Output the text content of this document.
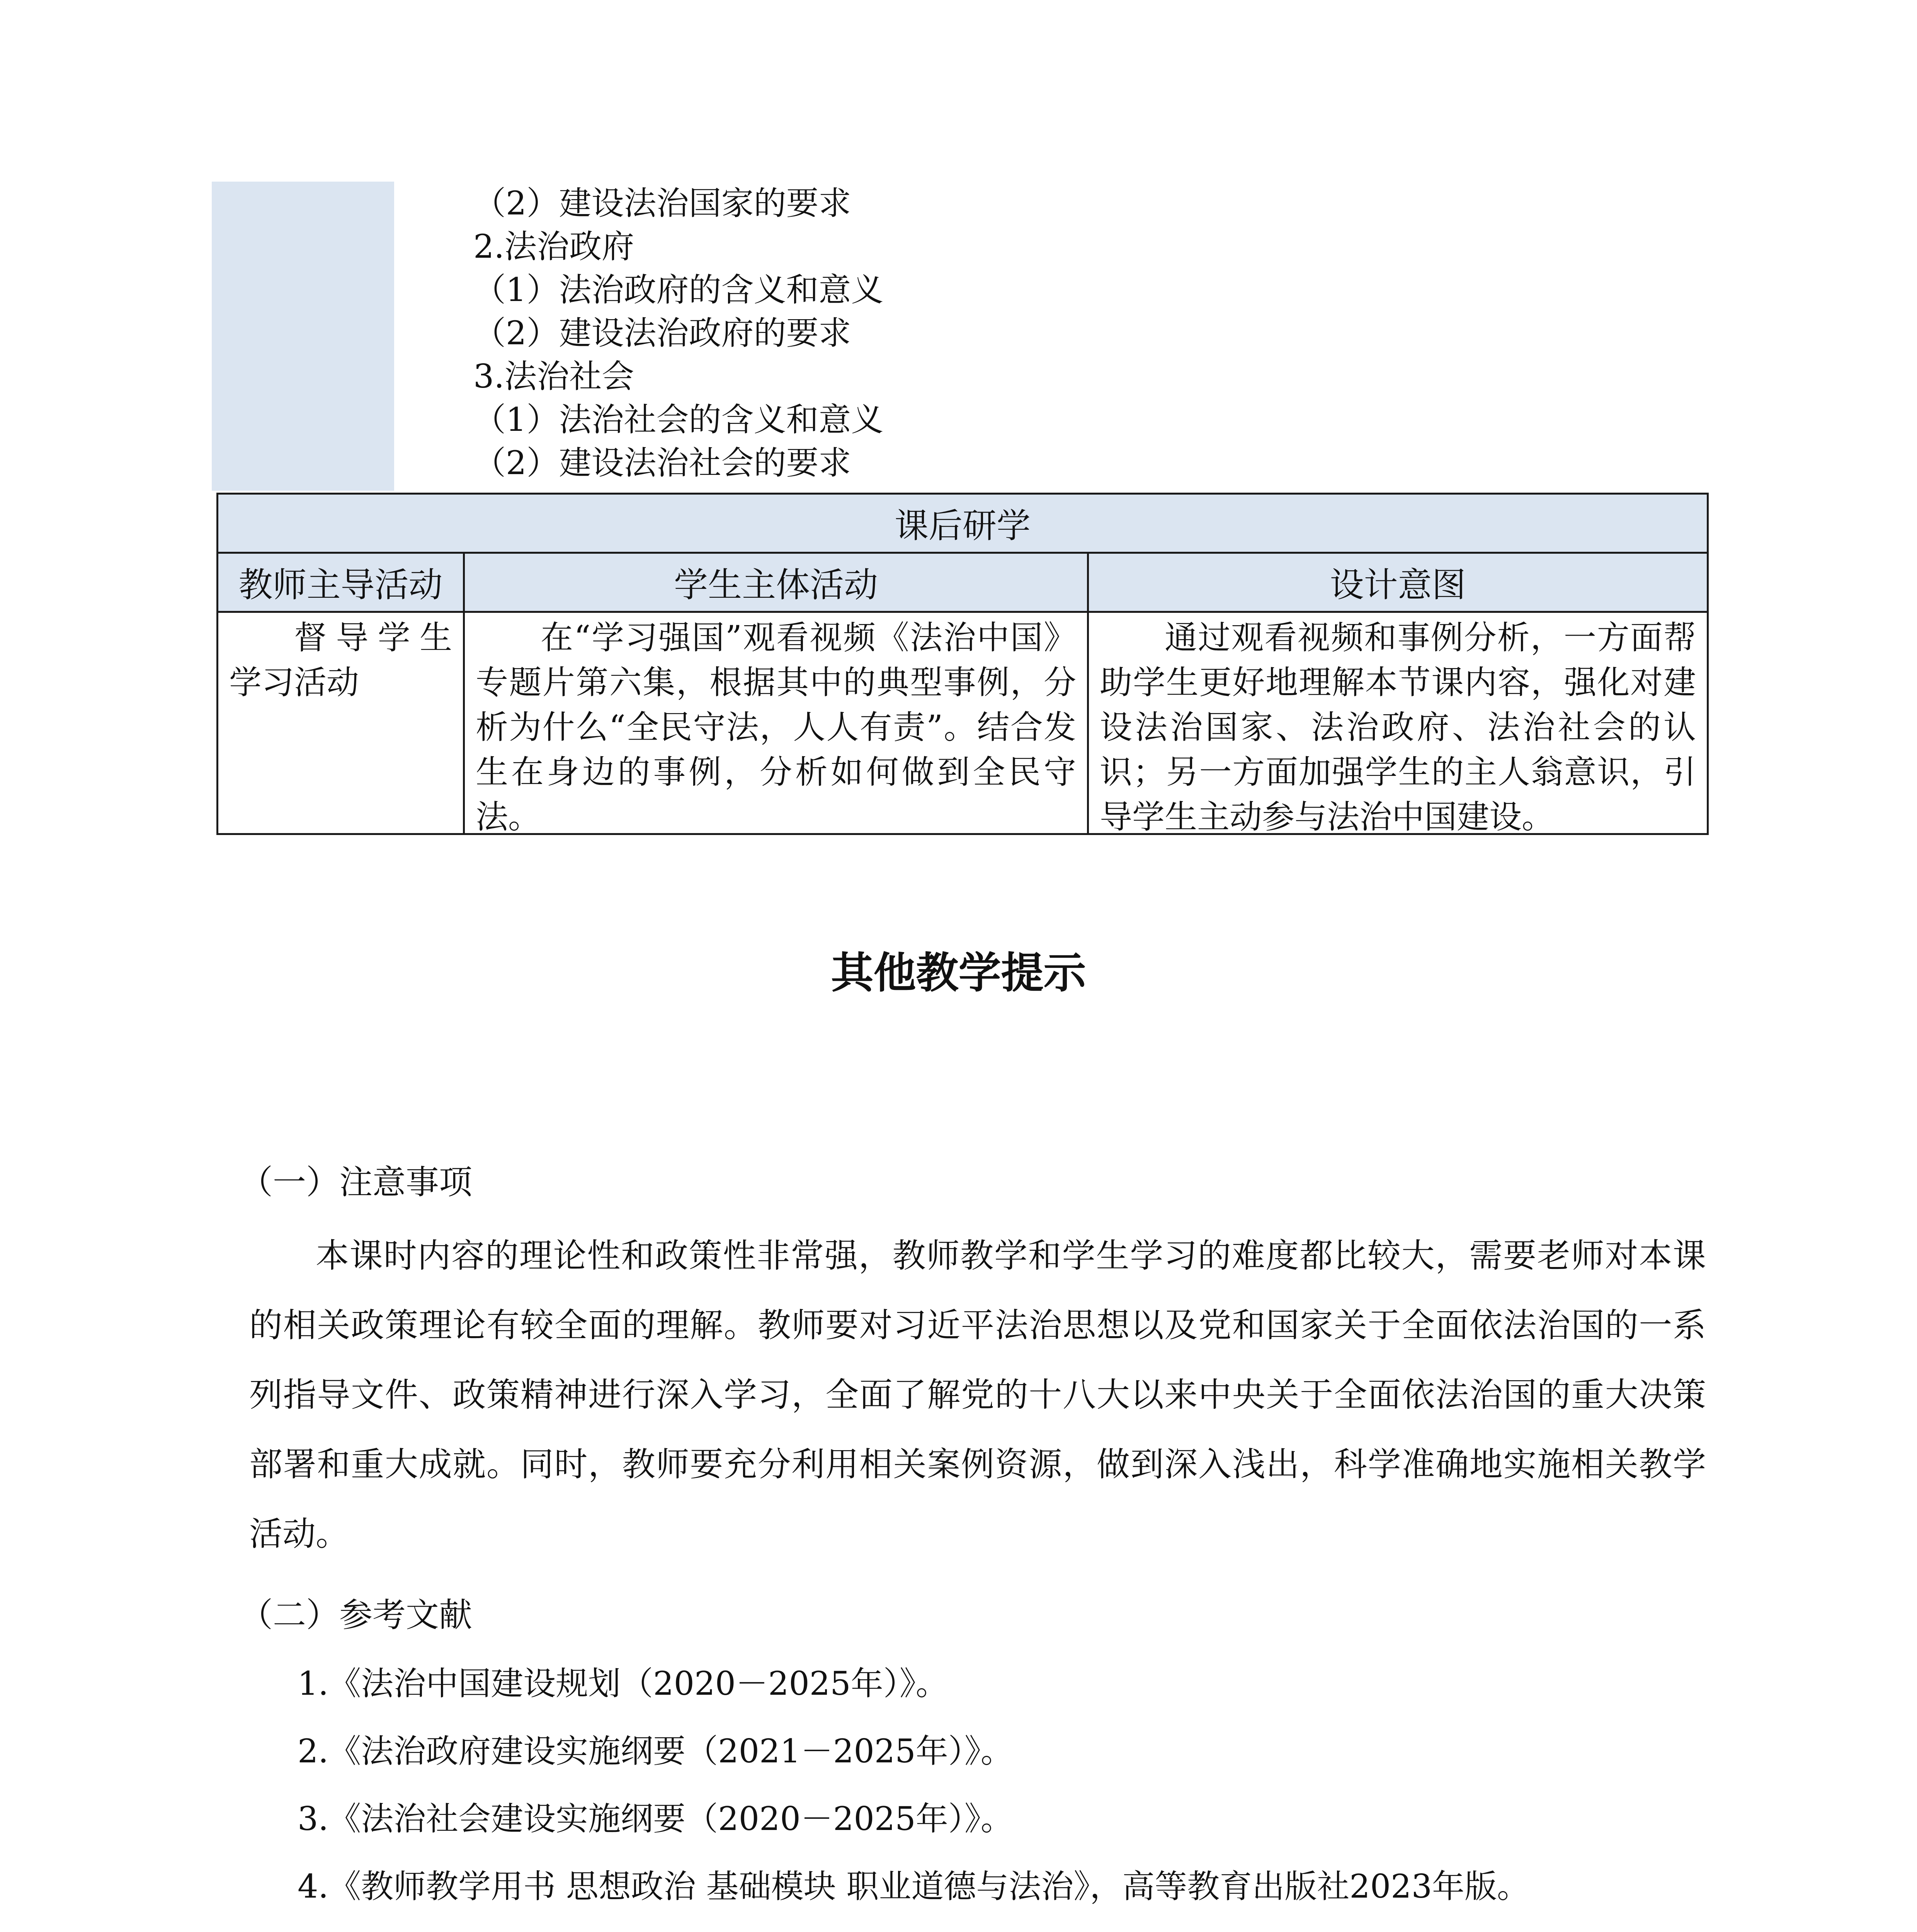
（2）建设法治国家的要求
2.法治政府
（1）法治政府的含义和意义
（2）建设法治政府的要求
3.法治社会
（1）法治社会的含义和意义
（2）建设法治社会的要求
课后研学
教师主导活动	学生主体活动	设计意图
督导学生学习活动
在“学习强国”观看视频《法治中国》专题片第六集，根据其中的典型事例，分析为什么“全民守法，人人有责”。结合发生在身边的事例，分析如何做到全民守法。
通过观看视频和事例分析，一方面帮助学生更好地理解本节课内容，强化对建设法治国家、法治政府、法治社会的认识；另一方面加强学生的主人翁意识，引导学生主动参与法治中国建设。
其他教学提示
（一）注意事项
本课时内容的理论性和政策性非常强，教师教学和学生学习的难度都比较大，需要老师对本课的相关政策理论有较全面的理解。教师要对习近平法治思想以及党和国家关于全面依法治国的一系列指导文件、政策精神进行深入学习，全面了解党的十八大以来中央关于全面依法治国的重大决策部署和重大成就。同时，教师要充分利用相关案例资源，做到深入浅出，科学准确地实施相关教学活动。
（二）参考文献
1.《法治中国建设规划（2020－2025年）》。
2.《法治政府建设实施纲要（2021－2025年）》。
3.《法治社会建设实施纲要（2020－2025年）》。
4.《教师教学用书 思想政治 基础模块 职业道德与法治》，高等教育出版社2023年版。
